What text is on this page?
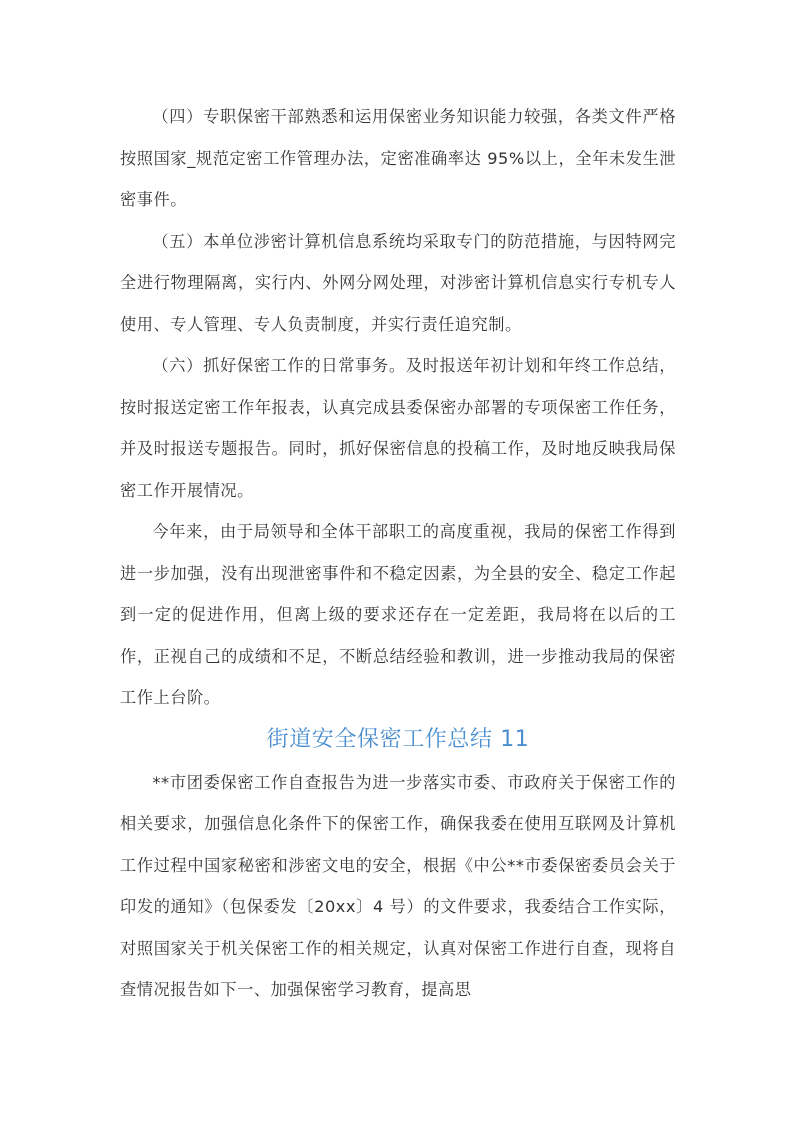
（四）专职保密干部熟悉和运用保密业务知识能力较强，各类文件严格按照国家_规范定密工作管理办法，定密准确率达 95%以上，全年未发生泄密事件。

（五）本单位涉密计算机信息系统均采取专门的防范措施，与因特网完全进行物理隔离，实行内、外网分网处理，对涉密计算机信息实行专机专人使用、专人管理、专人负责制度，并实行责任追究制。

（六）抓好保密工作的日常事务。及时报送年初计划和年终工作总结，按时报送定密工作年报表，认真完成县委保密办部署的专项保密工作任务，并及时报送专题报告。同时，抓好保密信息的投稿工作，及时地反映我局保密工作开展情况。

今年来，由于局领导和全体干部职工的高度重视，我局的保密工作得到进一步加强，没有出现泄密事件和不稳定因素，为全县的安全、稳定工作起到一定的促进作用，但离上级的要求还存在一定差距，我局将在以后的工作，正视自己的成绩和不足，不断总结经验和教训，进一步推动我局的保密工作上台阶。

街道安全保密工作总结 11

**市团委保密工作自查报告为进一步落实市委、市政府关于保密工作的相关要求，加强信息化条件下的保密工作，确保我委在使用互联网及计算机工作过程中国家秘密和涉密文电的安全，根据《中公**市委保密委员会关于印发的通知》（包保委发〔20xx〕4 号）的文件要求，我委结合工作实际，对照国家关于机关保密工作的相关规定，认真对保密工作进行自查，现将自查情况报告如下一、加强保密学习教育，提高思
